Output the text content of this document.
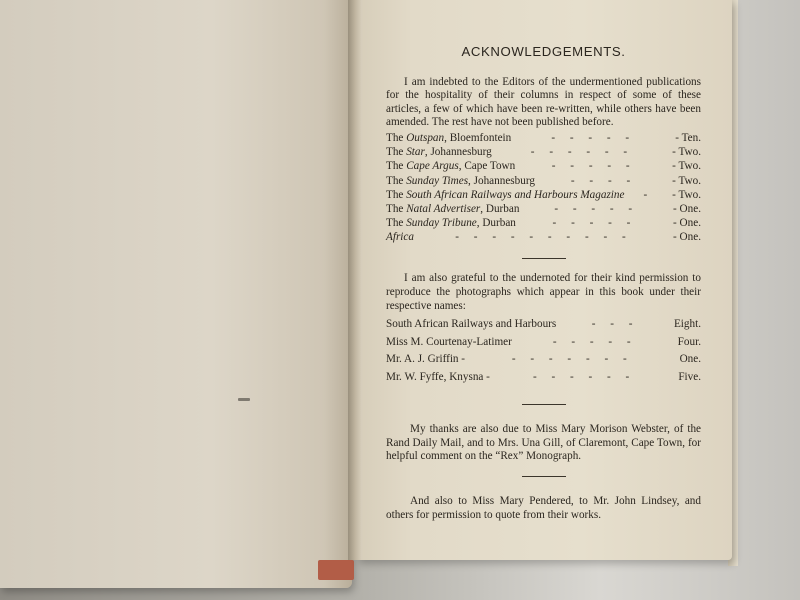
ACKNOWLEDGEMENTS.

I am indebted to the Editors of the undermentioned publications for the hospitality of their columns in respect of some of these articles, a few of which have been re-written, while others have been amended. The rest have not been published before.

The Outspan, Bloemfontein	- - - - -	- Ten.
The Star, Johannesburg	- - - - - -	- Two.
The Cape Argus, Cape Town	- - - - -	- Two.
The Sunday Times, Johannesburg	- - - -	- Two.
The South African Railways and Harbours Magazine	-	- Two.
The Natal Advertiser, Durban	- - - - -	- One.
The Sunday Tribune, Durban	- - - - -	- One.
Africa	- - - - - - - - - -	- One.

I am also grateful to the undernoted for their kind permission to reproduce the photographs which appear in this book under their respective names:

South African Railways and Harbours	- - -	Eight.
Miss M. Courtenay-Latimer	- - - - -	Four.
Mr. A. J. Griffin -	- - - - - - -	One.
Mr. W. Fyffe, Knysna -	- - - - - -	Five.

My thanks are also due to Miss Mary Morison Webster, of the Rand Daily Mail, and to Mrs. Una Gill, of Claremont, Cape Town, for helpful comment on the “Rex” Monograph.

And also to Miss Mary Pendered, to Mr. John Lindsey, and others for permission to quote from their works.
